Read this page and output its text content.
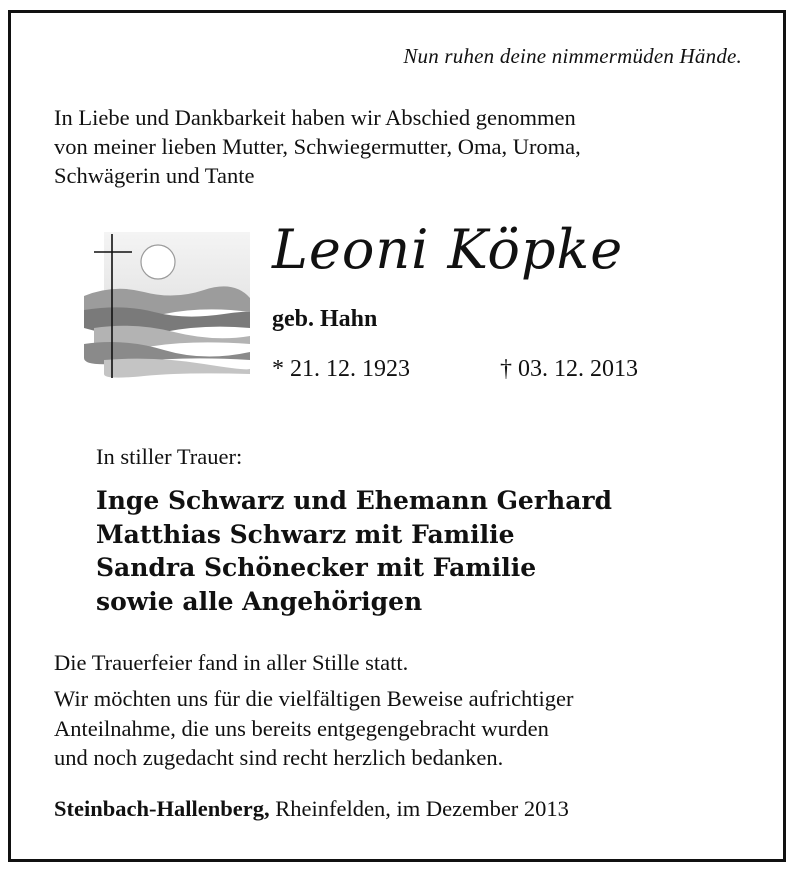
Nun ruhen deine nimmermüden Hände.
In Liebe und Dankbarkeit haben wir Abschied genommen
von meiner lieben Mutter, Schwiegermutter, Oma, Uroma,
Schwägerin und Tante
Leoni Köpke
geb. Hahn
* 21. 12. 1923	† 03. 12. 2013
In stiller Trauer:
Inge Schwarz und Ehemann Gerhard
Matthias Schwarz mit Familie
Sandra Schönecker mit Familie
sowie alle Angehörigen
Die Trauerfeier fand in aller Stille statt.
Wir möchten uns für die vielfältigen Beweise aufrichtiger
Anteilnahme, die uns bereits entgegengebracht wurden
und noch zugedacht sind recht herzlich bedanken.
Steinbach-Hallenberg, Rheinfelden, im Dezember 2013
